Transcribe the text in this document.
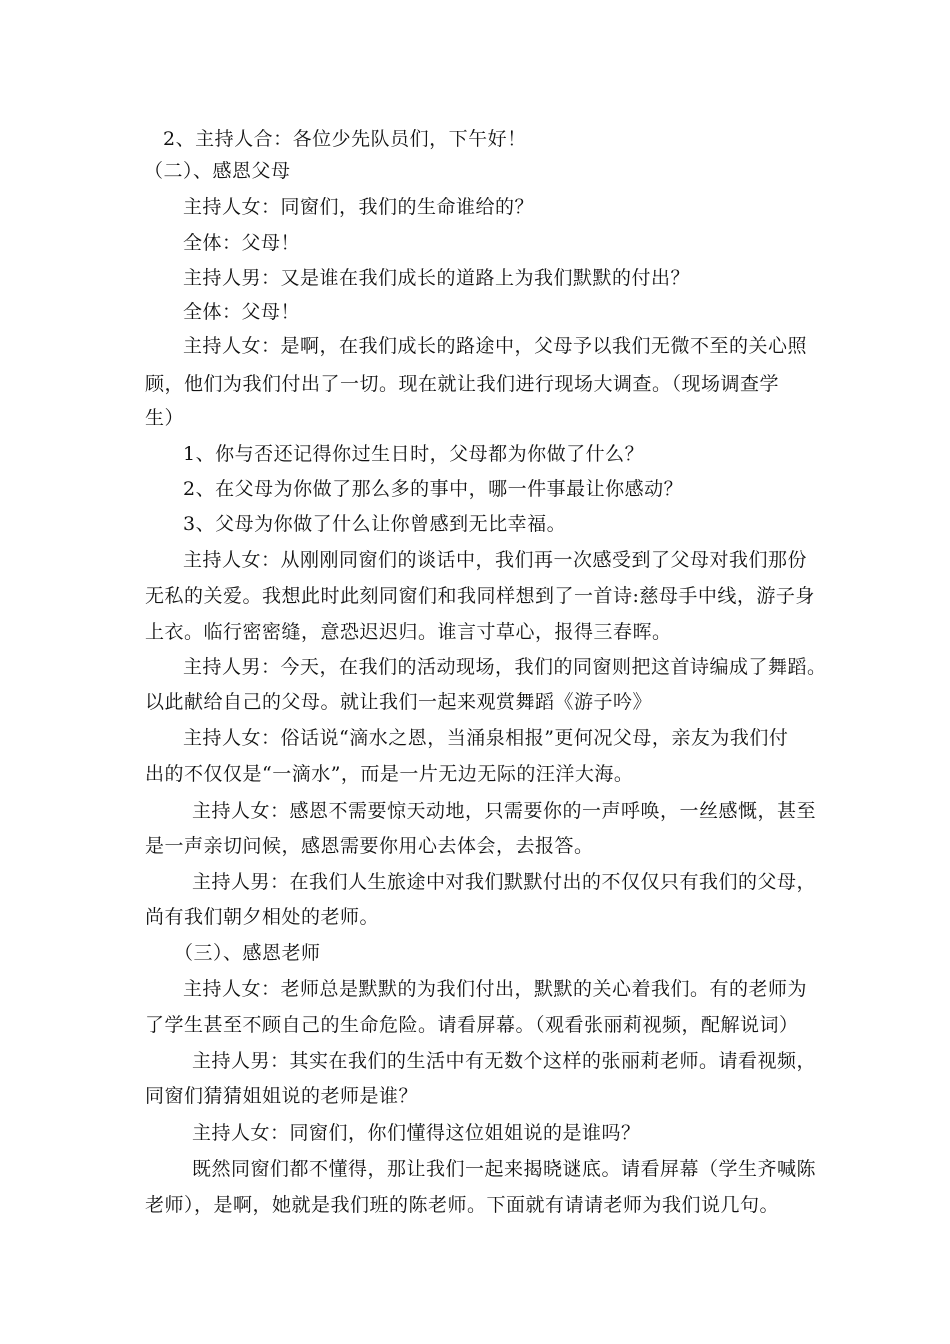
2、主持人合：各位少先队员们，下午好！
（二）、感恩父母
主持人女：同窗们，我们的生命谁给的？
全体：父母！
主持人男：又是谁在我们成长的道路上为我们默默的付出？
全体：父母！
主持人女：是啊，在我们成长的路途中，父母予以我们无微不至的关心照
顾，他们为我们付出了一切。现在就让我们进行现场大调查。（现场调查学
生）
1、你与否还记得你过生日时，父母都为你做了什么？
2、在父母为你做了那么多的事中，哪一件事最让你感动？
3、父母为你做了什么让你曾感到无比幸福。
主持人女：从刚刚同窗们的谈话中，我们再一次感受到了父母对我们那份
无私的关爱。我想此时此刻同窗们和我同样想到了一首诗:慈母手中线，游子身
上衣。临行密密缝，意恐迟迟归。谁言寸草心，报得三春晖。
主持人男：今天，在我们的活动现场，我们的同窗则把这首诗编成了舞蹈。
以此献给自己的父母。就让我们一起来观赏舞蹈《游子吟》
主持人女：俗话说“滴水之恩，当涌泉相报”更何况父母，亲友为我们付
出的不仅仅是“一滴水”，而是一片无边无际的汪洋大海。
主持人女：感恩不需要惊天动地，只需要你的一声呼唤，一丝感慨，甚至
是一声亲切问候，感恩需要你用心去体会，去报答。
主持人男：在我们人生旅途中对我们默默付出的不仅仅只有我们的父母，
尚有我们朝夕相处的老师。
（三）、感恩老师
主持人女：老师总是默默的为我们付出，默默的关心着我们。有的老师为
了学生甚至不顾自己的生命危险。请看屏幕。（观看张丽莉视频，配解说词）
主持人男：其实在我们的生活中有无数个这样的张丽莉老师。请看视频，
同窗们猜猜姐姐说的老师是谁？
主持人女：同窗们，你们懂得这位姐姐说的是谁吗？
既然同窗们都不懂得，那让我们一起来揭晓谜底。请看屏幕（学生齐喊陈
老师），是啊，她就是我们班的陈老师。下面就有请请老师为我们说几句。
